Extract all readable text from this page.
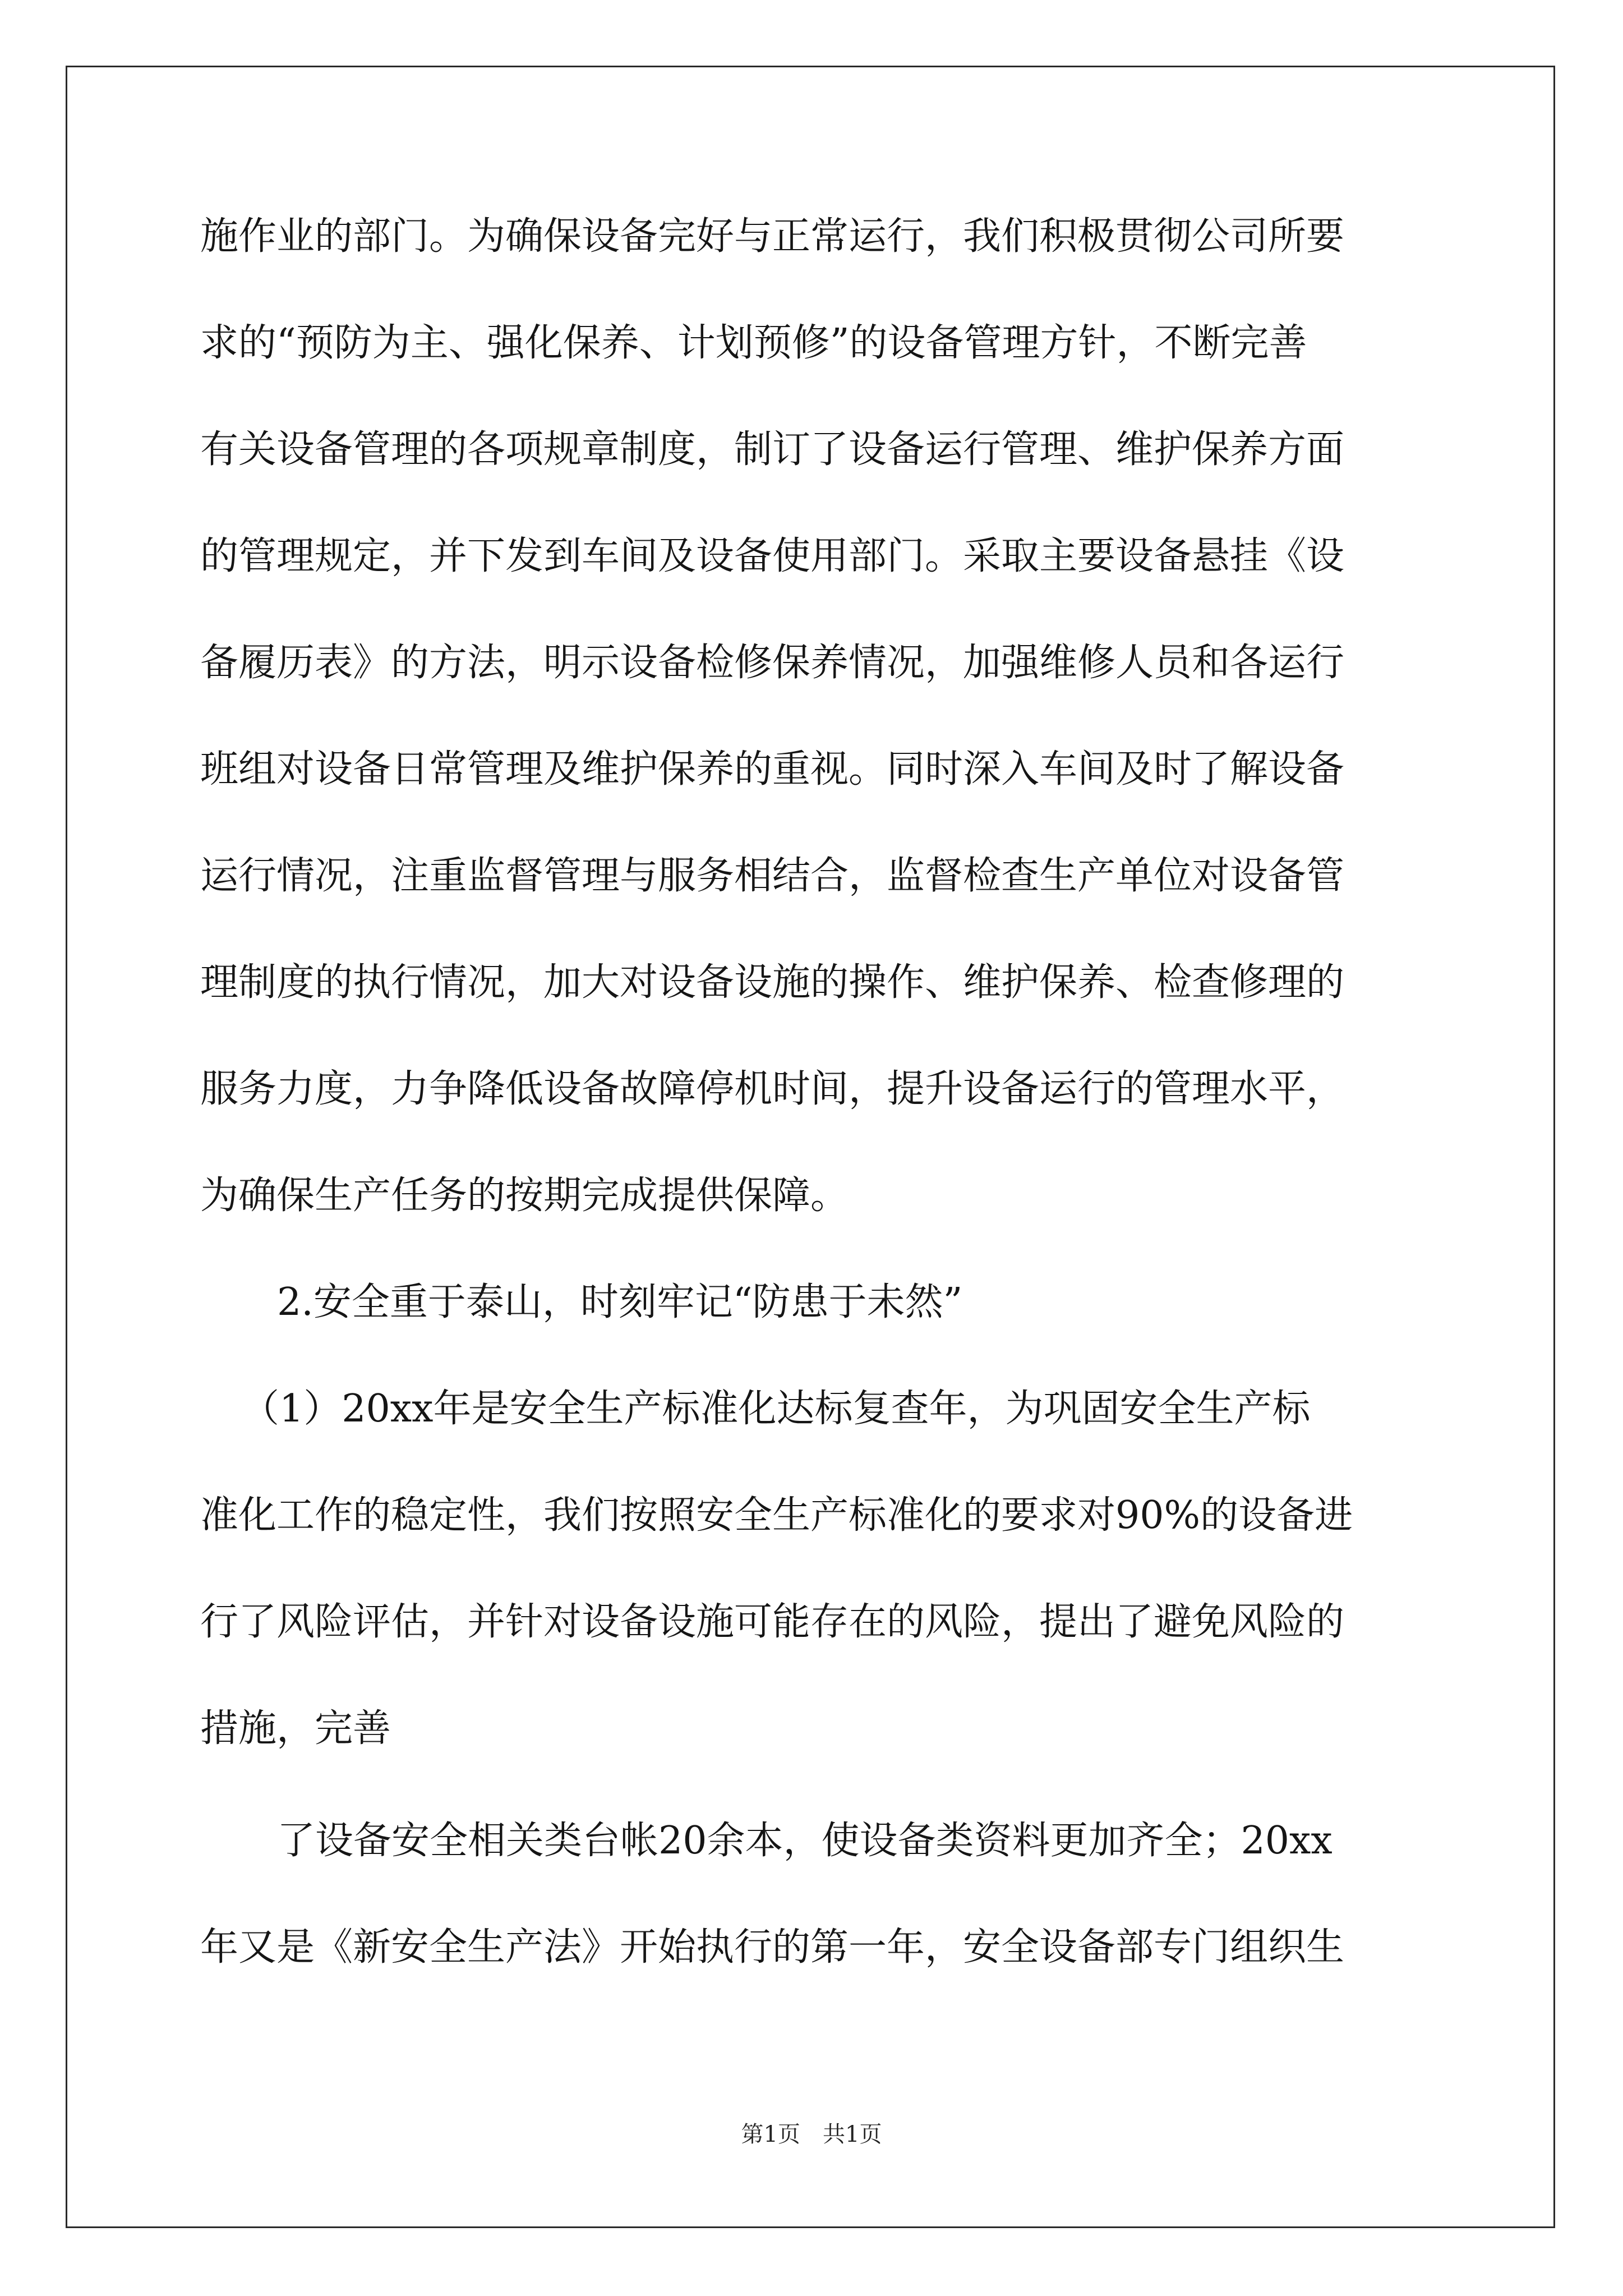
施作业的部门。为确保设备完好与正常运行，我们积极贯彻公司所要

求的“预防为主、强化保养、计划预修”的设备管理方针，不断完善

有关设备管理的各项规章制度，制订了设备运行管理、维护保养方面

的管理规定，并下发到车间及设备使用部门。采取主要设备悬挂《设

备履历表》的方法，明示设备检修保养情况，加强维修人员和各运行

班组对设备日常管理及维护保养的重视。同时深入车间及时了解设备

运行情况，注重监督管理与服务相结合，监督检查生产单位对设备管

理制度的执行情况，加大对设备设施的操作、维护保养、检查修理的

服务力度，力争降低设备故障停机时间，提升设备运行的管理水平，

为确保生产任务的按期完成提供保障。

2.安全重于泰山，时刻牢记“防患于未然”

（1）20xx年是安全生产标准化达标复查年，为巩固安全生产标

准化工作的稳定性，我们按照安全生产标准化的要求对90%的设备进

行了风险评估，并针对设备设施可能存在的风险，提出了避免风险的

措施，完善

了设备安全相关类台帐20余本，使设备类资料更加齐全；20xx

年又是《新安全生产法》开始执行的第一年，安全设备部专门组织生

第1页　共1页
